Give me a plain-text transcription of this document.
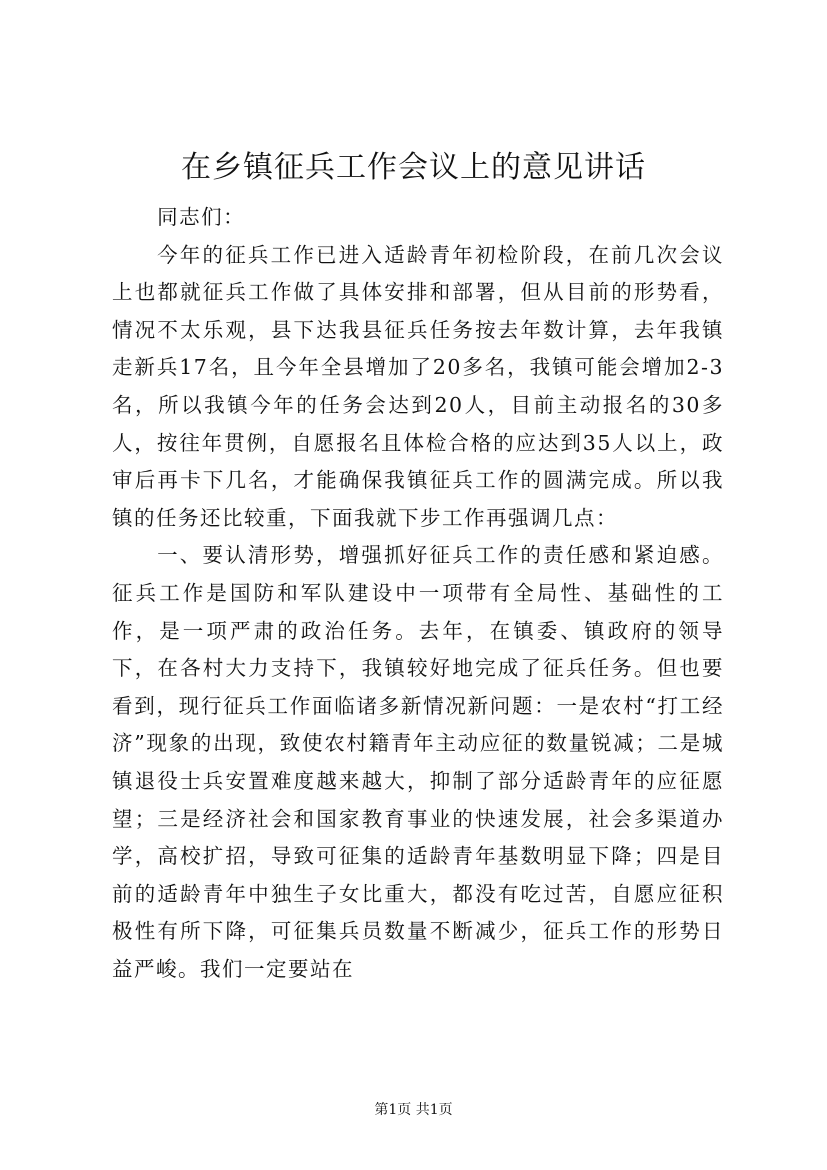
在乡镇征兵工作会议上的意见讲话

同志们：

今年的征兵工作已进入适龄青年初检阶段，在前几次会议上也都就征兵工作做了具体安排和部署，但从目前的形势看，情况不太乐观，县下达我县征兵任务按去年数计算，去年我镇走新兵17名，且今年全县增加了20多名，我镇可能会增加2-3名，所以我镇今年的任务会达到20人，目前主动报名的30多人，按往年贯例，自愿报名且体检合格的应达到35人以上，政审后再卡下几名，才能确保我镇征兵工作的圆满完成。所以我镇的任务还比较重，下面我就下步工作再强调几点：

一、要认清形势，增强抓好征兵工作的责任感和紧迫感。征兵工作是国防和军队建设中一项带有全局性、基础性的工作，是一项严肃的政治任务。去年，在镇委、镇政府的领导下，在各村大力支持下，我镇较好地完成了征兵任务。但也要看到，现行征兵工作面临诸多新情况新问题：一是农村“打工经济”现象的出现，致使农村籍青年主动应征的数量锐减；二是城镇退役士兵安置难度越来越大，抑制了部分适龄青年的应征愿望；三是经济社会和国家教育事业的快速发展，社会多渠道办学，高校扩招，导致可征集的适龄青年基数明显下降；四是目前的适龄青年中独生子女比重大，都没有吃过苦，自愿应征积极性有所下降，可征集兵员数量不断减少，征兵工作的形势日益严峻。我们一定要站在

第1页 共1页
